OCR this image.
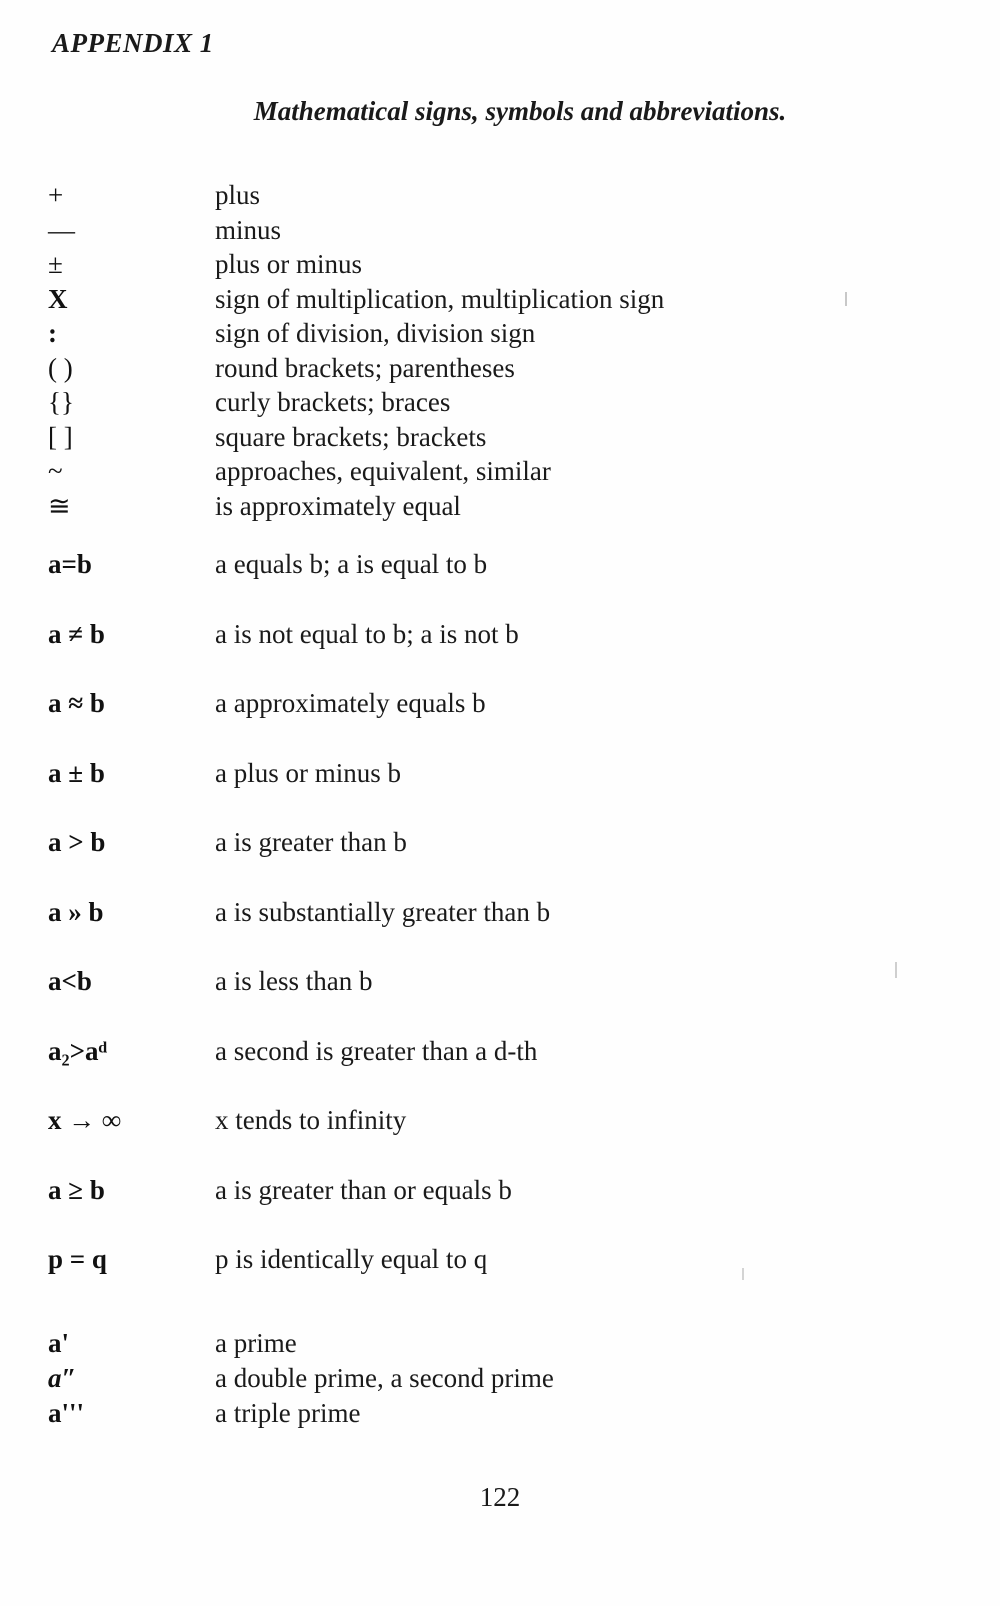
APPENDIX 1
Mathematical signs, symbols and abbreviations.
+	plus
—	minus
±	plus or minus
X	sign of multiplication, multiplication sign
:	sign of division, division sign
( )	round brackets; parentheses
{}	curly brackets; braces
[ ]	square brackets; brackets
~	approaches, equivalent, similar
≅	is approximately equal
a=b	a equals b; a is equal to b
a ≠ b	a is not equal to b; a is not b
a ≈ b	a approximately equals b
a ± b	a plus or minus b
a > b	a is greater than b
a » b	a is substantially greater than b
a<b	a is less than b
a₂>aᵈ	a second is greater than a d-th
x → ∞	x tends to infinity
a ≥ b	a is greater than or equals b
p = q	p is identically equal to q
a'	a prime
a″	a double prime, a second prime
a'''	a triple prime
122
